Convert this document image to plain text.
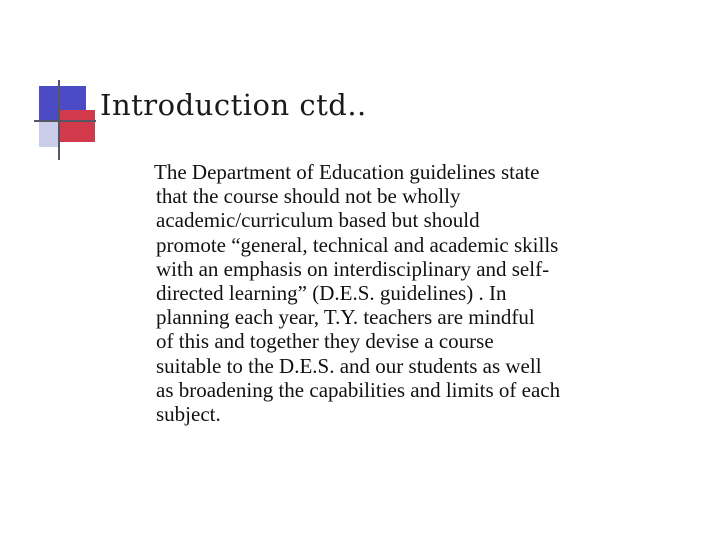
Introduction ctd..

The Department of Education guidelines state
that the course should not be wholly
academic/curriculum based but should
promote “general, technical and academic skills
with an emphasis on interdisciplinary and self-
directed learning” (D.E.S. guidelines) . In
planning each year, T.Y. teachers are mindful
of this and together they devise a course
suitable to the D.E.S. and our students as well
as broadening the capabilities and limits of each
subject.
